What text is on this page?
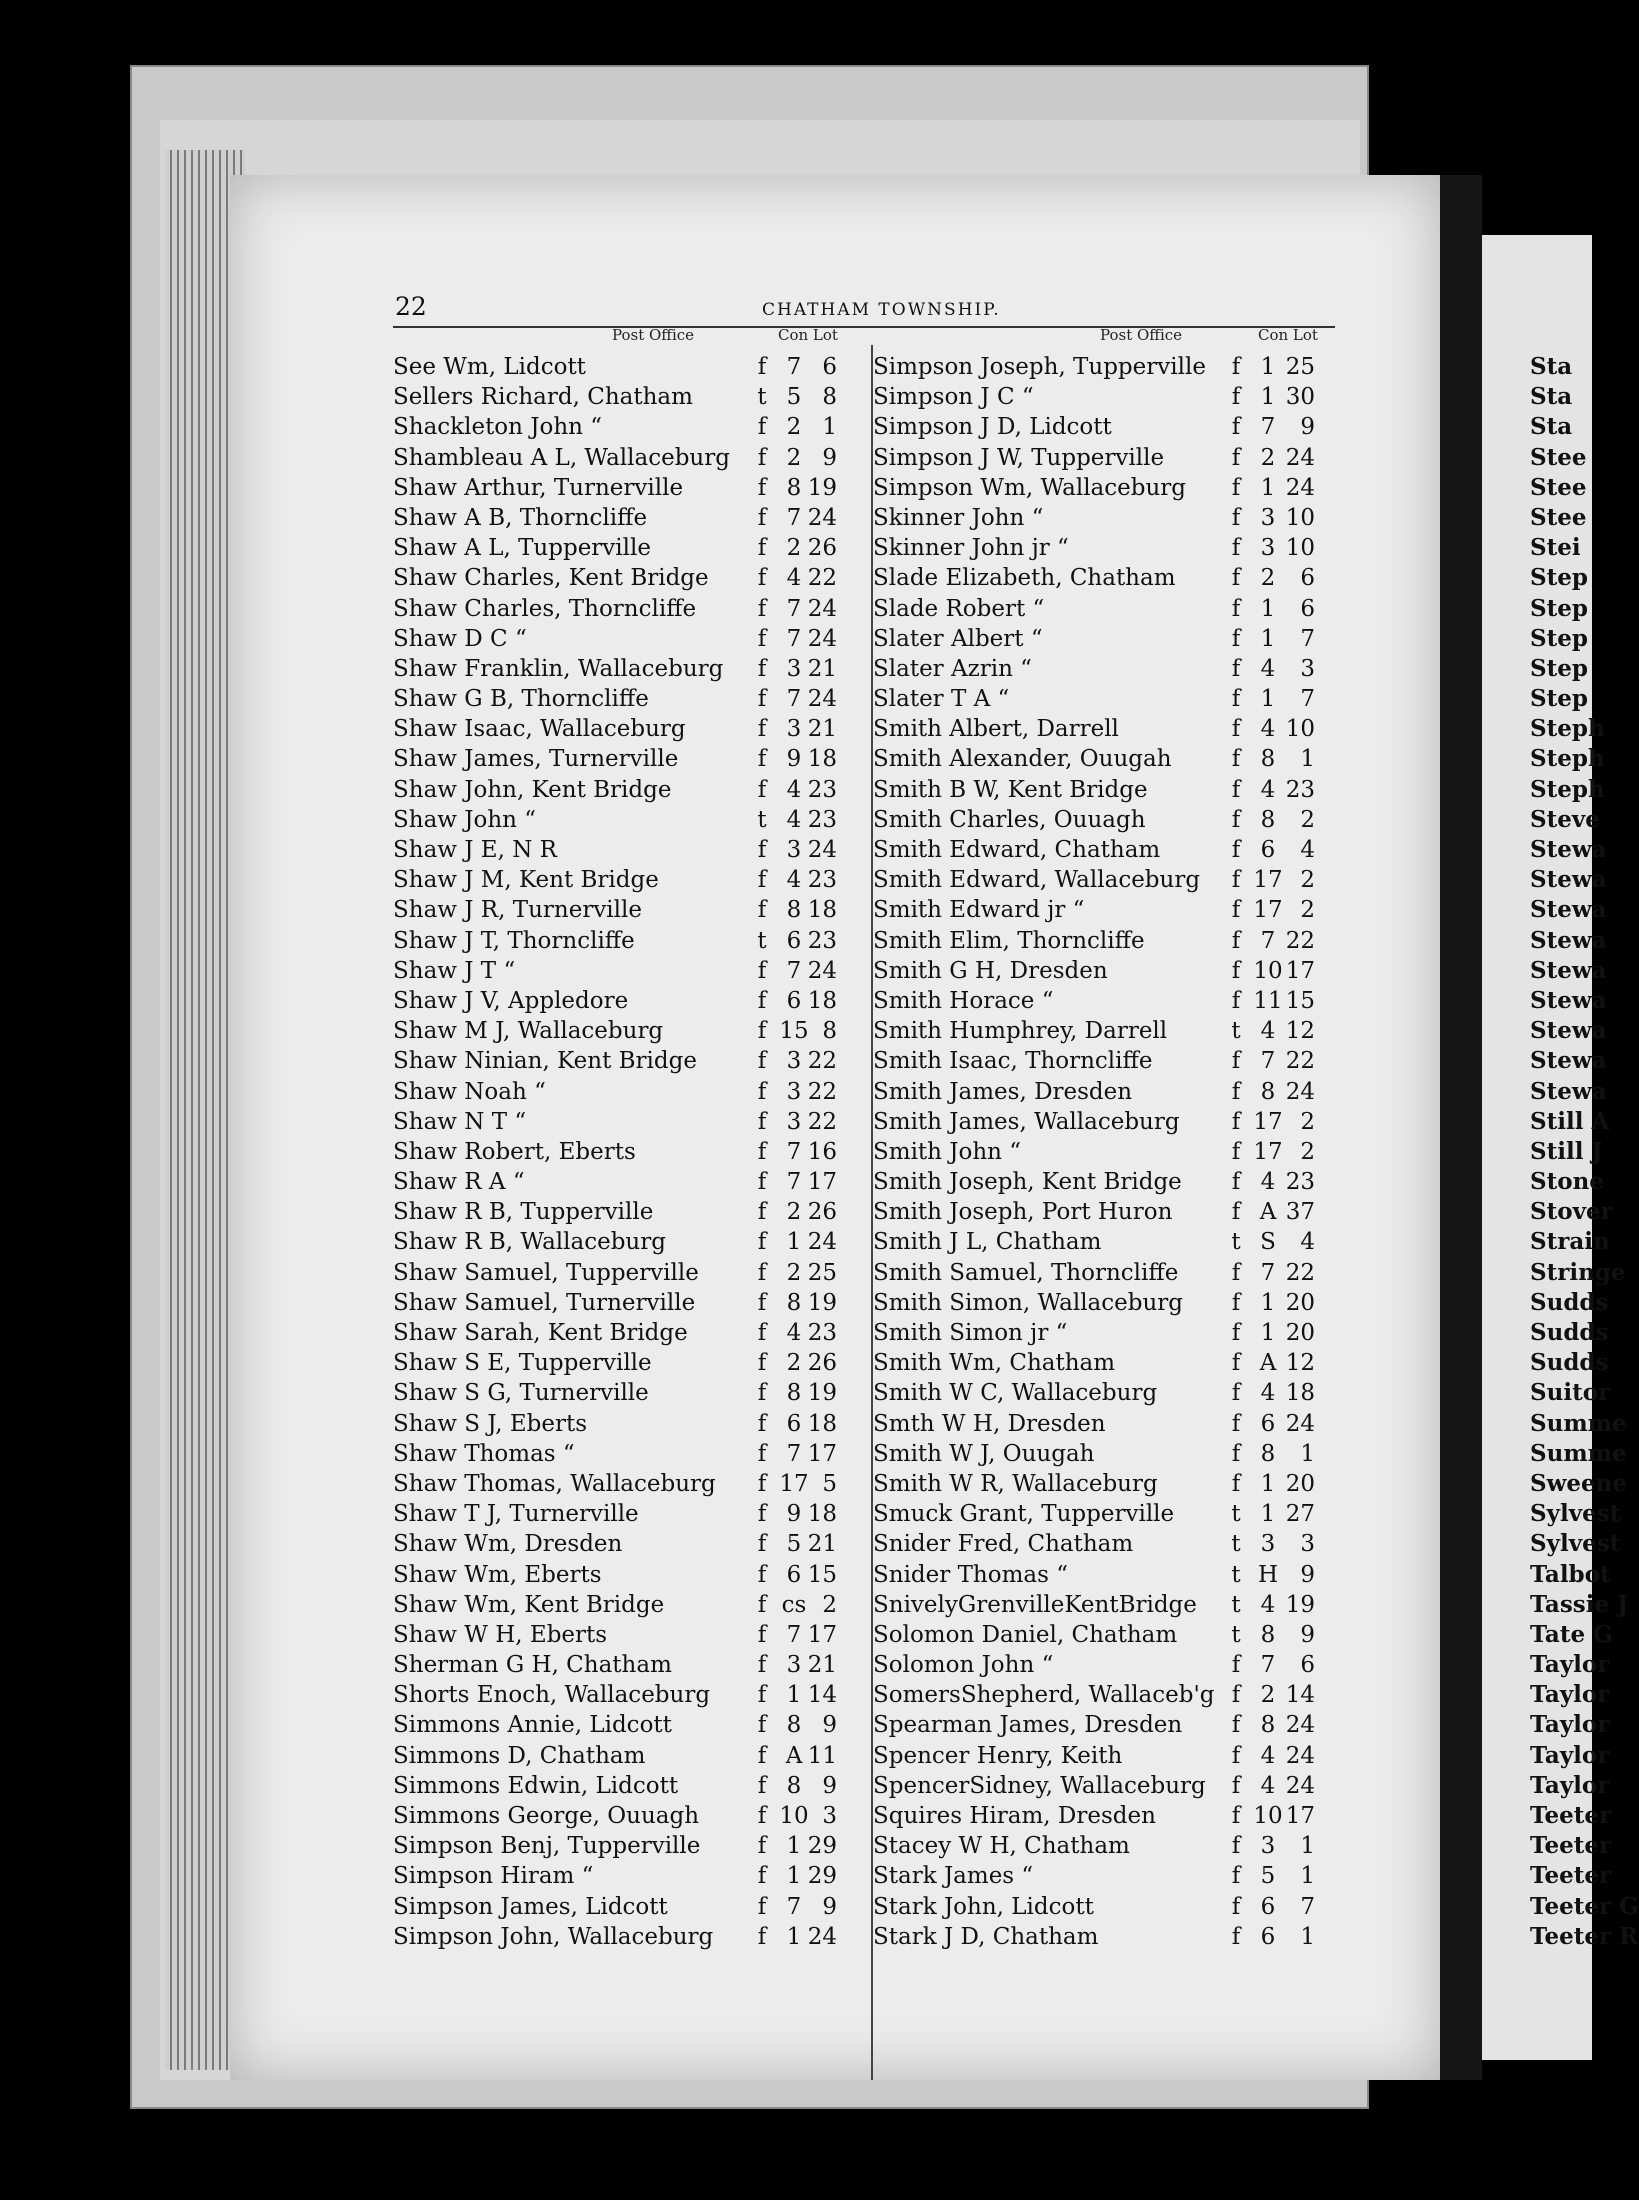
22	CHATHAM TOWNSHIP.
Post Office	Con Lot	Post Office	Con Lot
See Wm, Lidcott	f 7 6
Sellers Richard, Chatham	t 5 8
Shackleton John “	f 2 1
Shambleau A L, Wallaceburg f 2 9
Shaw Arthur, Turnerville	f 8 19
Shaw A B, Thorncliffe	f 7 24
Shaw A L, Tupperville	f 2 26
Shaw Charles, Kent Bridge f 4 22
Shaw Charles, Thorncliffe	f 7 24
Shaw D C “	f 7 24
Shaw Franklin, Wallaceburg f 3 21
Shaw G B, Thorncliffe	f 7 24
Shaw Isaac, Wallaceburg	f 3 21
Shaw James, Turnerville	f 9 18
Shaw John, Kent Bridge	f 4 23
Shaw John “	t 4 23
Shaw J E, N R	f 3 24
Shaw J M, Kent Bridge	f 4 23
Shaw J R, Turnerville	f 8 18
Shaw J T, Thorncliffe	t 6 23
Shaw J T “	f 7 24
Shaw J V, Appledore	f 6 18
Shaw M J, Wallaceburg	f 15 8
Shaw Ninian, Kent Bridge	f 3 22
Shaw Noah “	f 3 22
Shaw N T “	f 3 22
Shaw Robert, Eberts	f 7 16
Shaw R A “	f 7 17
Shaw R B, Tupperville	f 2 26
Shaw R B, Wallaceburg	f 1 24
Shaw Samuel, Tupperville	f 2 25
Shaw Samuel, Turnerville	f 8 19
Shaw Sarah, Kent Bridge	f 4 23
Shaw S E, Tupperville	f 2 26
Shaw S G, Turnerville	f 8 19
Shaw S J, Eberts	f 6 18
Shaw Thomas “	f 7 17
Shaw Thomas, Wallaceburg f 17 5
Shaw T J, Turnerville	f 9 18
Shaw Wm, Dresden	f 5 21
Shaw Wm, Eberts	f 6 15
Shaw Wm, Kent Bridge	f cs 2
Shaw W H, Eberts	f 7 17
Sherman G H, Chatham	f 3 21
Shorts Enoch, Wallaceburg f 1 14
Simmons Annie, Lidcott	f 8 9
Simmons D, Chatham	f A 11
Simmons Edwin, Lidcott	f 8 9
Simmons George, Ouuagh	f 10 3
Simpson Benj, Tupperville f 1 29
Simpson Hiram “	f 1 29
Simpson James, Lidcott	f 7 9
Simpson John, Wallaceburg f 1 24
Simpson Joseph, Tupperville f 1 25
Simpson J C “	f 1 30
Simpson J D, Lidcott	f 7	9
Simpson J W, Tupperville	f 2 24
Simpson Wm, Wallaceburg f 1 24
Skinner John “	f 3 10
Skinner John jr “	f 3 10
Slade Elizabeth, Chatham f 2	6
Slade Robert “	f 1	6
Slater Albert “	f 1	7
Slater Azrin “	f 4	3
Slater T A “	f 1	7
Smith Albert, Darrell	f 4 10
Smith Alexander, Ouugah	f 8	1
Smith B W, Kent Bridge	f 4 23
Smith Charles, Ouuagh	f 8	2
Smith Edward, Chatham	f 6	4
Smith Edward, Wallaceburg f 17 2
Smith Edward jr “	f 17 2
Smith Elim, Thorncliffe	f 7 22
Smith G H, Dresden	f 10 17
Smith Horace “	f 11 15
Smith Humphrey, Darrell	t 4 12
Smith Isaac, Thorncliffe	f 7 22
Smith James, Dresden	f 8 24
Smith James, Wallaceburg f 17 2
Smith John “	f 17 2
Smith Joseph, Kent Bridge f 4 23
Smith Joseph, Port Huron	f A 37
Smith J L, Chatham	t S	4
Smith Samuel, Thorncliffe f 7 22
Smith Simon, Wallaceburg f 1 20
Smith Simon jr “	f 1 20
Smith Wm, Chatham	f A 12
Smith W C, Wallaceburg	f 4 18
Smth W H, Dresden	f 6 24
Smith W J, Ouugah	f 8	1
Smith W R, Wallaceburg	f 1 20
Smuck Grant, Tupperville t 1 27
Snider Fred, Chatham	t 3	3
Snider Thomas “	t H 9
SnivelyGrenvilleKentBridge t 4 19
Solomon Daniel, Chatham t 8	9
Solomon John “	f 7	6
SomersShepherd, Wallaceb'g f 2 14
Spearman James, Dresden f 8 24
Spencer Henry, Keith	f 4 24
SpencerSidney, Wallaceburg f 4 24
Squires Hiram, Dresden	f 10 17
Stacey W H, Chatham	f 3	1
Stark James “	f 5	1
Stark John, Lidcott	f 6	7
Stark J D, Chatham	f 6	1
Sta
Sta
Sta
Stee
Stee
Stee
Stei
Step
Step
Step
Step
Step
Steph
Steph
Steph
Steve
Stewa
Stewa
Stewa
Stewa
Stewa
Stewa
Stewa
Stewa
Stewa
Still A
Still J
Stone
Stover
Strain
Stringe
Sudds
Sudds
Sudds
Suitor
Summe
Summe
Sweene
Sylvest
Sylvest
Talbot
Tassie J
Tate G
Taylor
Taylor
Taylor
Taylor
Taylor
Teeter
Teeter
Teeter
Teeter G
Teeter R
